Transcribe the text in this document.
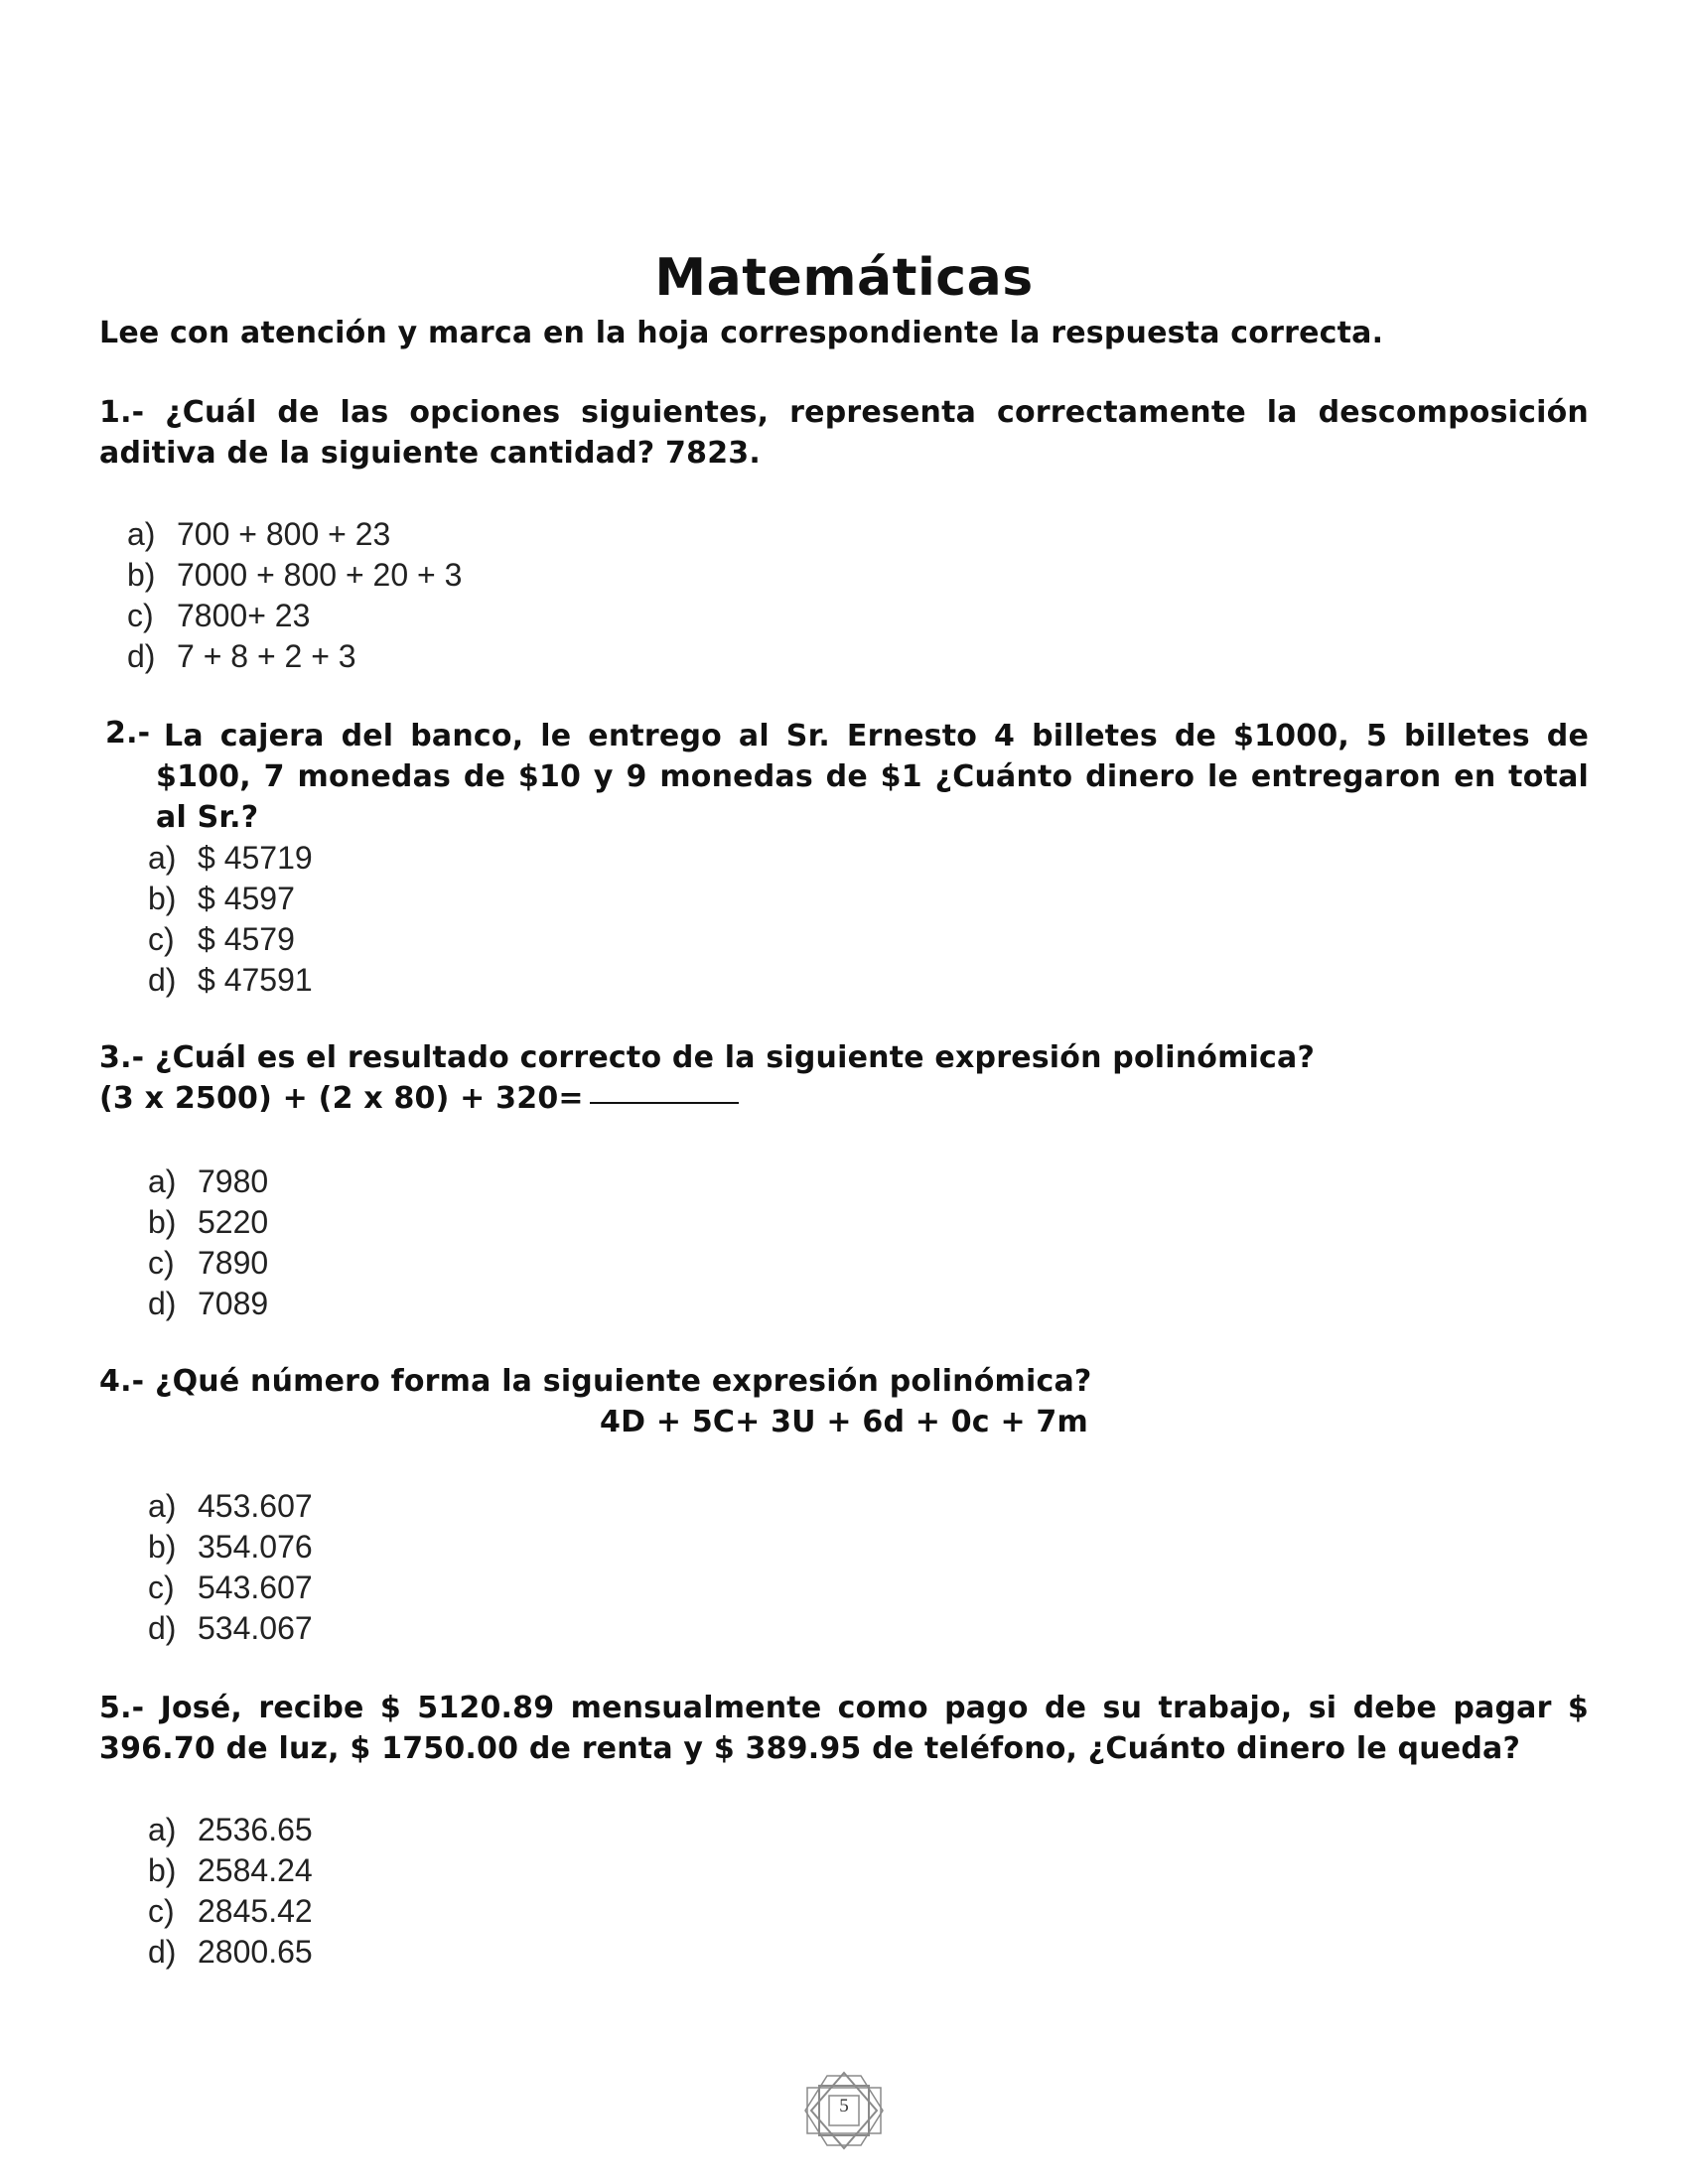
Matemáticas
Lee con atención y marca en la hoja correspondiente la respuesta correcta.
1.- ¿Cuál de las opciones siguientes, representa correctamente la descomposición aditiva de la siguiente cantidad? 7823.
a) 700 + 800 + 23
b) 7000 + 800 + 20 + 3
c) 7800+ 23
d) 7 + 8 + 2 + 3
2.- La cajera del banco, le entrego al Sr. Ernesto 4 billetes de $1000, 5 billetes de $100, 7 monedas de $10 y 9 monedas de $1 ¿Cuánto dinero le entregaron en total al Sr.?
a) $ 45719
b) $ 4597
c) $ 4579
d) $ 47591
3.- ¿Cuál es el resultado correcto de la siguiente expresión polinómica?
(3 x 2500) + (2 x 80) + 320=
a) 7980
b) 5220
c) 7890
d) 7089
4.- ¿Qué número forma la siguiente expresión polinómica?
4D + 5C+ 3U + 6d + 0c + 7m
a) 453.607
b) 354.076
c) 543.607
d) 534.067
5.- José, recibe $ 5120.89 mensualmente como pago de su trabajo, si debe pagar $ 396.70 de luz, $ 1750.00 de renta y $ 389.95 de teléfono, ¿Cuánto dinero le queda?
a) 2536.65
b) 2584.24
c) 2845.42
d) 2800.65
5
